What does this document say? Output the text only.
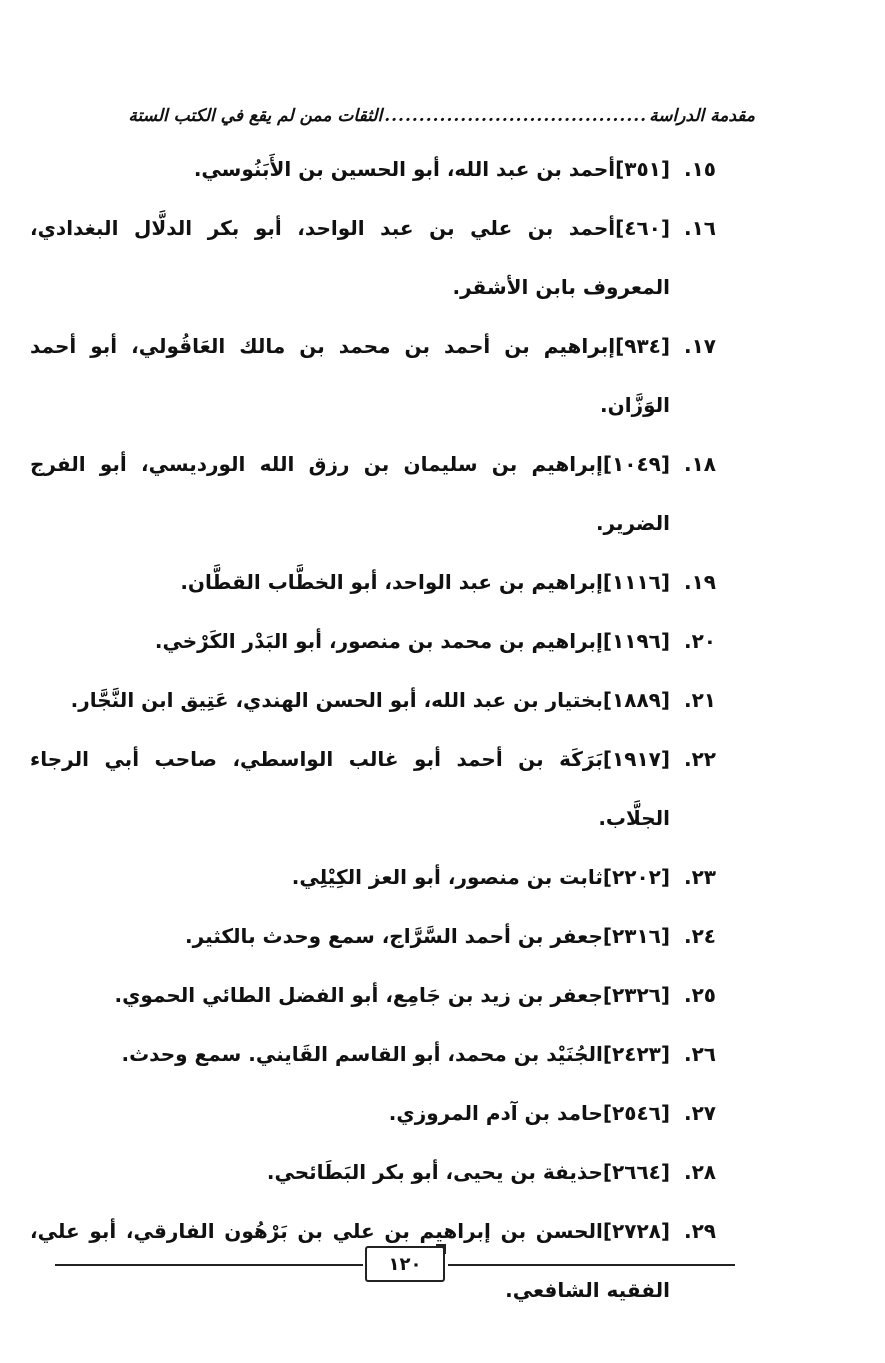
مقدمة الدراسة
......................................
الثقات ممن لم يقع في الكتب الستة
١٥.
[٣٥١]أحمد بن عبد الله، أبو الحسين بن الأَبَنُوسي.
١٦.
[٤٦٠]أحمد بن علي بن عبد الواحد، أبو بكر الدلَّال البغدادي، المعروف بابن الأشقر.
١٧.
[٩٣٤]إبراهيم بن أحمد بن محمد بن مالك العَاقُولي، أبو أحمد الوَزَّان.
١٨.
[١٠٤٩]إبراهيم بن سليمان بن رزق الله الورديسي، أبو الفرج الضرير.
١٩.
[١١١٦]إبراهيم بن عبد الواحد، أبو الخطَّاب القطَّان.
٢٠.
[١١٩٦]إبراهيم بن محمد بن منصور، أبو البَدْر الكَرْخي.
٢١.
[١٨٨٩]بختيار بن عبد الله، أبو الحسن الهندي، عَتِيق ابن النَّجَّار.
٢٢.
[١٩١٧]بَرَكَة بن أحمد أبو غالب الواسطي، صاحب أبي الرجاء الجلَّاب.
٢٣.
[٢٢٠٢]ثابت بن منصور، أبو العز الكِيْلِي.
٢٤.
[٢٣١٦]جعفر بن أحمد السَّرَّاج، سمع وحدث بالكثير.
٢٥.
[٢٣٢٦]جعفر بن زيد بن جَامِع، أبو الفضل الطائي الحموي.
٢٦.
[٢٤٢٣]الجُنَيْد بن محمد، أبو القاسم القَايني. سمع وحدث.
٢٧.
[٢٥٤٦]حامد بن آدم المروزي.
٢٨.
[٢٦٦٤]حذيفة بن يحيى، أبو بكر البَطَائحي.
٢٩.
[٢٧٢٨]الحسن بن إبراهيم بن علي بن بَرْهُون الفارقي، أبو علي، الفقيه الشافعي.
١٢٠
